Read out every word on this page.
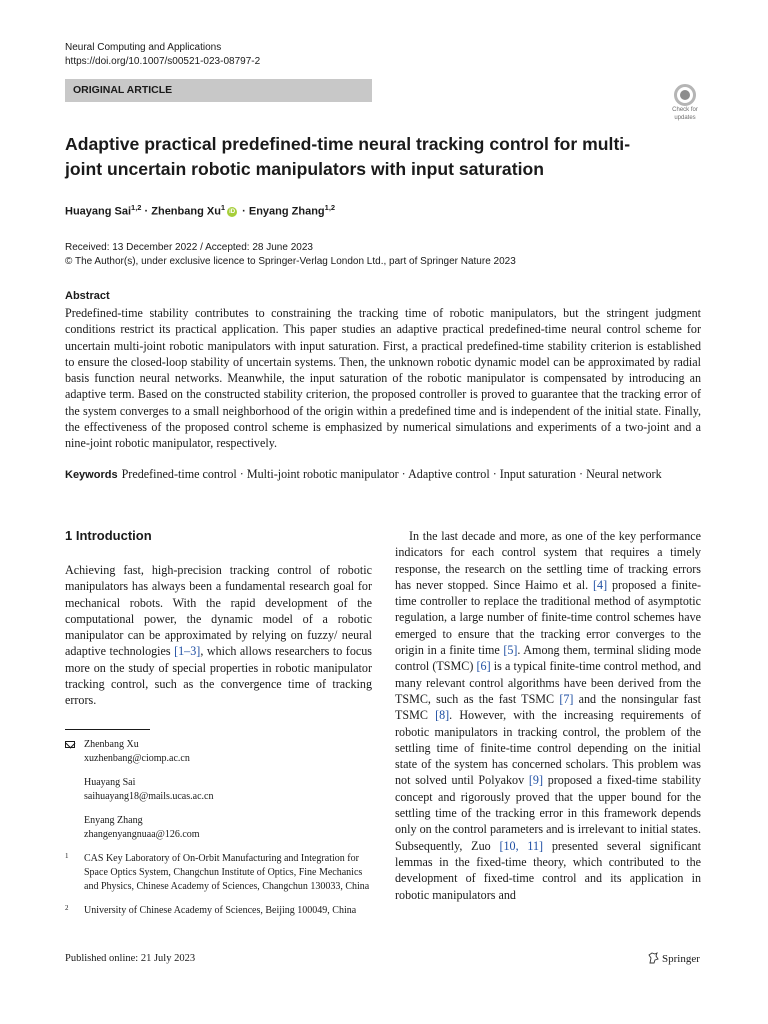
Neural Computing and Applications
https://doi.org/10.1007/s00521-023-08797-2
ORIGINAL ARTICLE
Check for
updates
Adaptive practical predefined-time neural tracking control for multi-joint uncertain robotic manipulators with input saturation
Huayang Sai$^{1,2}$ · Zhenbang Xu$^1$ iD · Enyang Zhang$^{1,2}$
Received: 13 December 2022 / Accepted: 28 June 2023
© The Author(s), under exclusive licence to Springer-Verlag London Ltd., part of Springer Nature 2023
Abstract
Predefined-time stability contributes to constraining the tracking time of robotic manipulators, but the stringent judgment conditions restrict its practical application. This paper studies an adaptive practical predefined-time neural control scheme for uncertain multi-joint robotic manipulators with input saturation. First, a practical predefined-time stability criterion is established to ensure the closed-loop stability of uncertain systems. Then, the unknown robotic dynamic model can be approximated by radial basis function neural networks. Meanwhile, the input saturation of the robotic manipulator is compensated by introducing an adaptive term. Based on the constructed stability criterion, the proposed controller is proved to guarantee that the tracking error of the system converges to a small neighborhood of the origin within a predefined time and is independent of the initial state. Finally, the effectiveness of the proposed control scheme is emphasized by numerical simulations and experiments of a two-joint and a nine-joint robotic manipulator, respectively.
Keywords Predefined-time control · Multi-joint robotic manipulator · Adaptive control · Input saturation · Neural network
1 Introduction

Achieving fast, high-precision tracking control of robotic manipulators has always been a fundamental research goal for mechanical robots. With the rapid development of the computational power, the dynamic model of a robotic manipulator can be approximated by relying on fuzzy/ neural adaptive technologies [1–3], which allows researchers to focus more on the study of special properties in robotic manipulator tracking control, such as the convergence time of tracking errors.

In the last decade and more, as one of the key performance indicators for each control system that requires a timely response, the research on the settling time of tracking errors has never stopped. Since Haimo et al. [4] proposed a finite-time controller to replace the traditional method of asymptotic regulation, a large number of finite-time control schemes have emerged to ensure that the tracking error converges to the origin in a finite time [5]. Among them, terminal sliding mode control (TSMC) [6] is a typical finite-time control method, and many relevant control algorithms have been derived from the TSMC, such as the fast TSMC [7] and the nonsingular fast TSMC [8]. However, with the increasing requirements of robotic manipulators in tracking control, the problem of the settling time of finite-time control depending on the initial state of the system has concerned scholars. This problem was not solved until Polyakov [9] proposed a fixed-time stability concept and rigorously proved that the upper bound for the settling time of the tracking error in this framework depends only on the control parameters and is irrelevant to initial states. Subsequently, Zuo [10, 11] presented several significant lemmas in the fixed-time theory, which contributed to the development of fixed-time control and its application in robotic manipulators and

Zhenbang Xu
xuzhenbang@ciomp.ac.cn
Huayang Sai
saihuayang18@mails.ucas.ac.cn
Enyang Zhang
zhangenyangnuaa@126.com
1 CAS Key Laboratory of On-Orbit Manufacturing and Integration for Space Optics System, Changchun Institute of Optics, Fine Mechanics and Physics, Chinese Academy of Sciences, Changchun 130033, China
2 University of Chinese Academy of Sciences, Beijing 100049, China
Published online: 21 July 2023	Springer
